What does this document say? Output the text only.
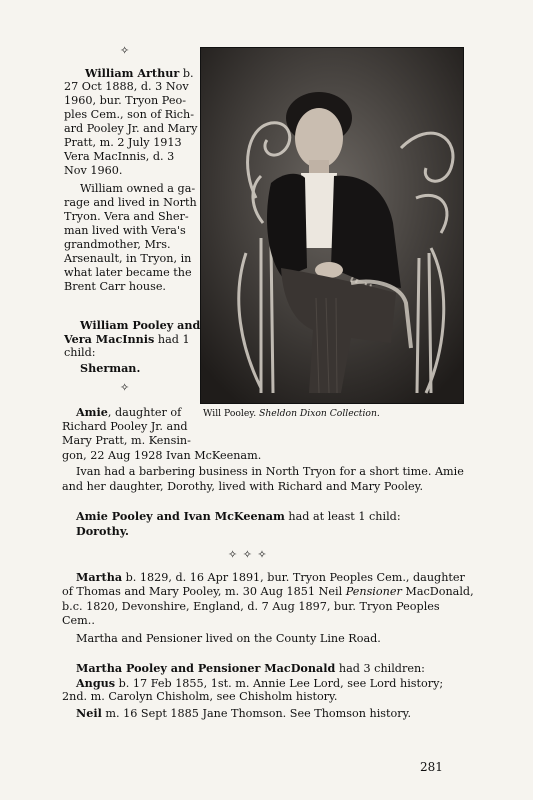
✧
William Arthur b.
27 Oct 1888, d. 3 Nov
1960, bur. Tryon Peo-
ples Cem., son of Rich-
ard Pooley Jr. and Mary
Pratt, m. 2 July 1913
Vera MacInnis, d. 3
Nov 1960.
William owned a ga-
rage and lived in North
Tryon. Vera and Sher-
man lived with Vera's
grandmother, Mrs.
Arsenault, in Tryon, in
what later became the
Brent Carr house.
William Pooley and
Vera MacInnis had 1
child:
Sherman.
Will Pooley. Sheldon Dixon Collection.
✧
Amie, daughter of
Richard Pooley Jr. and
Mary Pratt, m. Kensin-
gon, 22 Aug 1928 Ivan McKeenam.
Ivan had a barbering business in North Tryon for a short time. Amie
and her daughter, Dorothy, lived with Richard and Mary Pooley.
Amie Pooley and Ivan McKeenam had at least 1 child:
Dorothy.
✧ ✧ ✧
Martha b. 1829, d. 16 Apr 1891, bur. Tryon Peoples Cem., daughter
of Thomas and Mary Pooley, m. 30 Aug 1851 Neil Pensioner MacDonald,
b.c. 1820, Devonshire, England, d. 7 Aug 1897, bur. Tryon Peoples
Cem..
Martha and Pensioner lived on the County Line Road.
Martha Pooley and Pensioner MacDonald had 3 children:
Angus b. 17 Feb 1855, 1st. m. Annie Lee Lord, see Lord history;
2nd. m. Carolyn Chisholm, see Chisholm history.
Neil m. 16 Sept 1885 Jane Thomson. See Thomson history.
281
